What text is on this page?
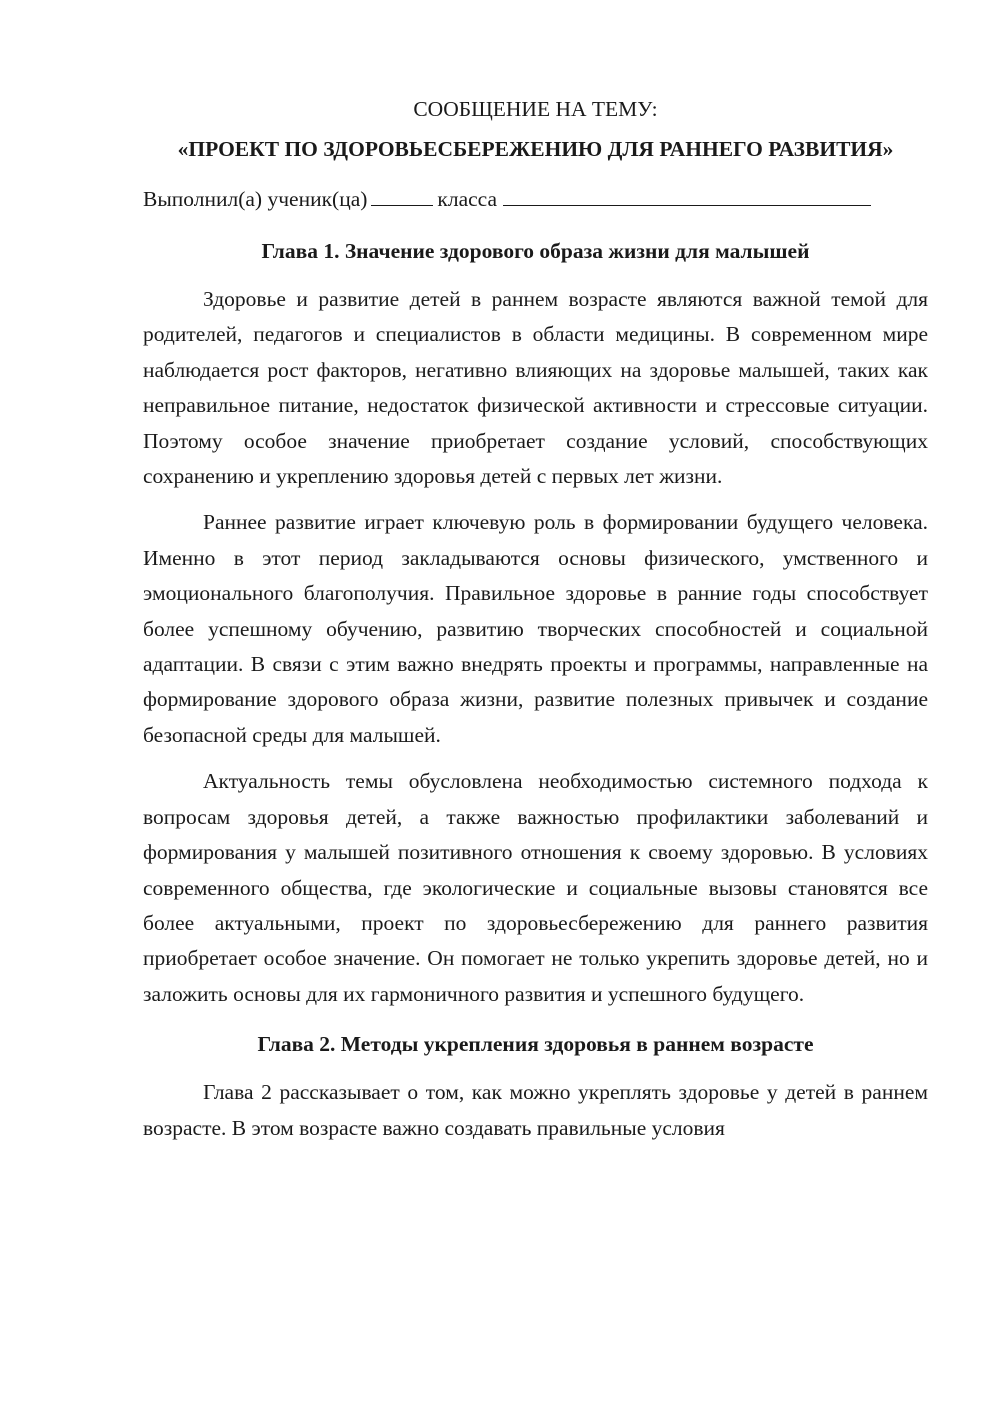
СООБЩЕНИЕ НА ТЕМУ:

«ПРОЕКТ ПО ЗДОРОВЬЕСБЕРЕЖЕНИЮ ДЛЯ РАННЕГО РАЗВИТИЯ»

Выполнил(а) ученик(ца)	класса

Глава 1. Значение здорового образа жизни для малышей

Здоровье и развитие детей в раннем возрасте являются важной темой для родителей, педагогов и специалистов в области медицины. В современном мире наблюдается рост факторов, негативно влияющих на здоровье малышей, таких как неправильное питание, недостаток физической активности и стрессовые ситуации. Поэтому особое значение приобретает создание условий, способствующих сохранению и укреплению здоровья детей с первых лет жизни.

Раннее развитие играет ключевую роль в формировании будущего человека. Именно в этот период закладываются основы физического, умственного и эмоционального благополучия. Правильное здоровье в ранние годы способствует более успешному обучению, развитию творческих способностей и социальной адаптации. В связи с этим важно внедрять проекты и программы, направленные на формирование здорового образа жизни, развитие полезных привычек и создание безопасной среды для малышей.

Актуальность темы обусловлена необходимостью системного подхода к вопросам здоровья детей, а также важностью профилактики заболеваний и формирования у малышей позитивного отношения к своему здоровью. В условиях современного общества, где экологические и социальные вызовы становятся все более актуальными, проект по здоровьесбережению для раннего развития приобретает особое значение. Он помогает не только укрепить здоровье детей, но и заложить основы для их гармоничного развития и успешного будущего.

Глава 2. Методы укрепления здоровья в раннем возрасте

Глава 2 рассказывает о том, как можно укреплять здоровье у детей в раннем возрасте. В этом возрасте важно создавать правильные условия
